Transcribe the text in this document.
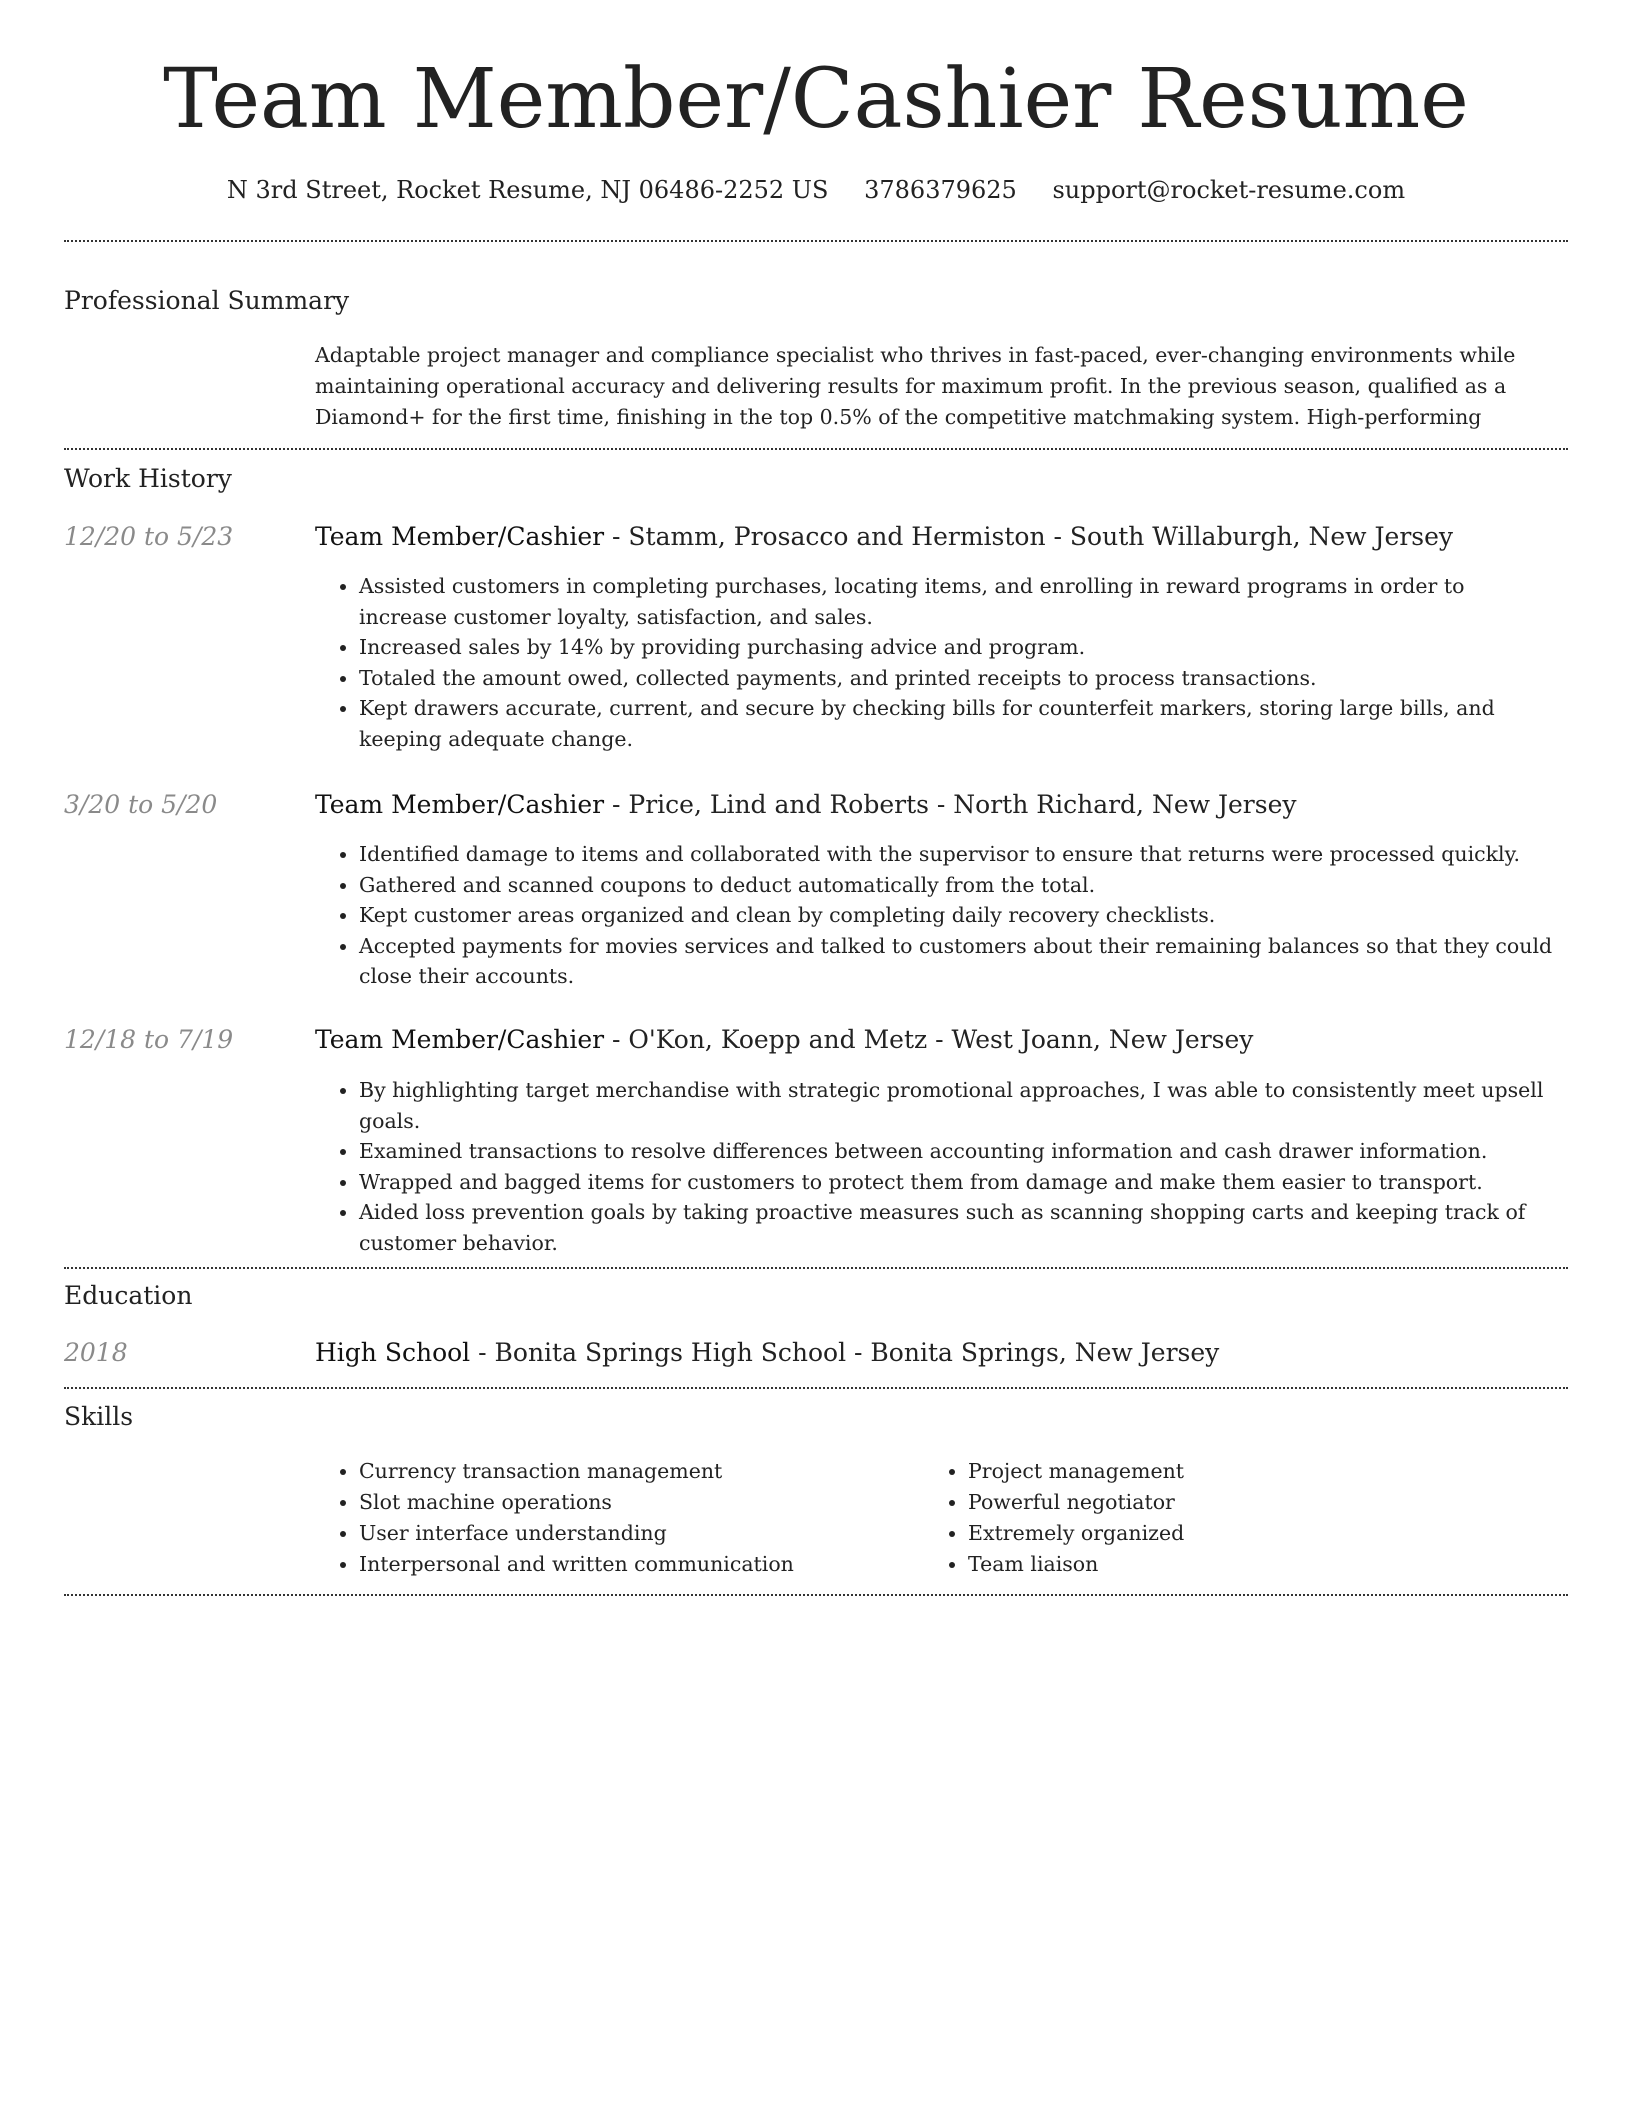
Team Member/Cashier Resume
N 3rd Street, Rocket Resume, NJ 06486-2252 US 3786379625 support@rocket-resume.com
Professional Summary
Adaptable project manager and compliance specialist who thrives in fast-paced, ever-changing environments while maintaining operational accuracy and delivering results for maximum profit. In the previous season, qualified as a Diamond+ for the first time, finishing in the top 0.5% of the competitive matchmaking system. High-performing
Work History
12/20 to 5/23	Team Member/Cashier - Stamm, Prosacco and Hermiston - South Willaburgh, New Jersey
• Assisted customers in completing purchases, locating items, and enrolling in reward programs in order to increase customer loyalty, satisfaction, and sales.
• Increased sales by 14% by providing purchasing advice and program.
• Totaled the amount owed, collected payments, and printed receipts to process transactions.
• Kept drawers accurate, current, and secure by checking bills for counterfeit markers, storing large bills, and keeping adequate change.
3/20 to 5/20	Team Member/Cashier - Price, Lind and Roberts - North Richard, New Jersey
• Identified damage to items and collaborated with the supervisor to ensure that returns were processed quickly.
• Gathered and scanned coupons to deduct automatically from the total.
• Kept customer areas organized and clean by completing daily recovery checklists.
• Accepted payments for movies services and talked to customers about their remaining balances so that they could close their accounts.
12/18 to 7/19	Team Member/Cashier - O'Kon, Koepp and Metz - West Joann, New Jersey
• By highlighting target merchandise with strategic promotional approaches, I was able to consistently meet upsell goals.
• Examined transactions to resolve differences between accounting information and cash drawer information.
• Wrapped and bagged items for customers to protect them from damage and make them easier to transport.
• Aided loss prevention goals by taking proactive measures such as scanning shopping carts and keeping track of customer behavior.
Education
2018	High School - Bonita Springs High School - Bonita Springs, New Jersey
Skills
• Currency transaction management
• Slot machine operations
• User interface understanding
• Interpersonal and written communication
• Project management
• Powerful negotiator
• Extremely organized
• Team liaison
